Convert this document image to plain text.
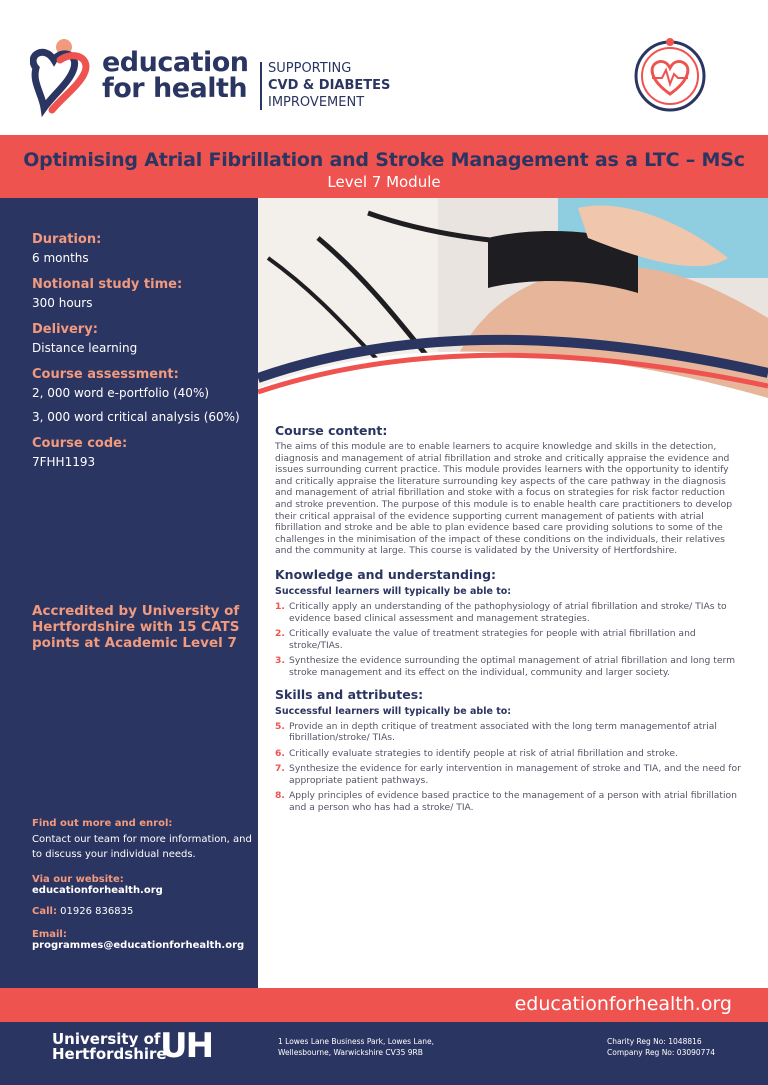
education
for health
SUPPORTING
CVD & DIABETES
IMPROVEMENT
Optimising Atrial Fibrillation and Stroke Management as a LTC – MSc
Level 7 Module
Duration:
6 months
Notional study time:
300 hours
Delivery:
Distance learning
Course assessment:
2, 000 word e-portfolio (40%)
3, 000 word critical analysis (60%)
Course code:
7FHH1193
Accredited by University of Hertfordshire with 15 CATS points at Academic Level 7
Find out more and enrol:
Contact our team for more information, and to discuss your individual needs.
Via our website:
educationforhealth.org
Call: 01926 836835
Email:
programmes@educationforhealth.org
Course content:

The aims of this module are to enable learners to acquire knowledge and skills in the detection, diagnosis and management of atrial fibrillation and stroke and critically appraise the evidence and issues surrounding current practice. This module provides learners with the opportunity to identify and critically appraise the literature surrounding key aspects of the care pathway in the diagnosis and management of atrial fibrillation and stoke with a focus on strategies for risk factor reduction and stroke prevention. The purpose of this module is to enable health care practitioners to develop their critical appraisal of the evidence supporting current management of patients with atrial fibrillation and stroke and be able to plan evidence based care providing solutions to some of the challenges in the minimisation of the impact of these conditions on the individuals, their relatives and the community at large. This course is validated by the University of Hertfordshire.

Knowledge and understanding:
Successful learners will typically be able to:
1. Critically apply an understanding of the pathophysiology of atrial fibrillation and stroke/ TIAs to evidence based clinical assessment and management strategies.
2. Critically evaluate the value of treatment strategies for people with atrial fibrillation and stroke/TIAs.
3. Synthesize the evidence surrounding the optimal management of atrial fibrillation and long term stroke management and its effect on the individual, community and larger society.
Skills and attributes:
Successful learners will typically be able to:
5. Provide an in depth critique of treatment associated with the long term managementof atrial fibrillation/stroke/ TIAs.
6. Critically evaluate strategies to identify people at risk of atrial fibrillation and stroke.
7. Synthesize the evidence for early intervention in management of stroke and TIA, and the need for appropriate patient pathways.
8. Apply principles of evidence based practice to the management of a person with atrial fibrillation and a person who has had a stroke/ TIA.
educationforhealth.org
University of
Hertfordshire
UH	1 Lowes Lane Business Park, Lowes Lane,
Wellesbourne, Warwickshire CV35 9RB
Charity Reg No: 1048816
Company Reg No: 03090774
